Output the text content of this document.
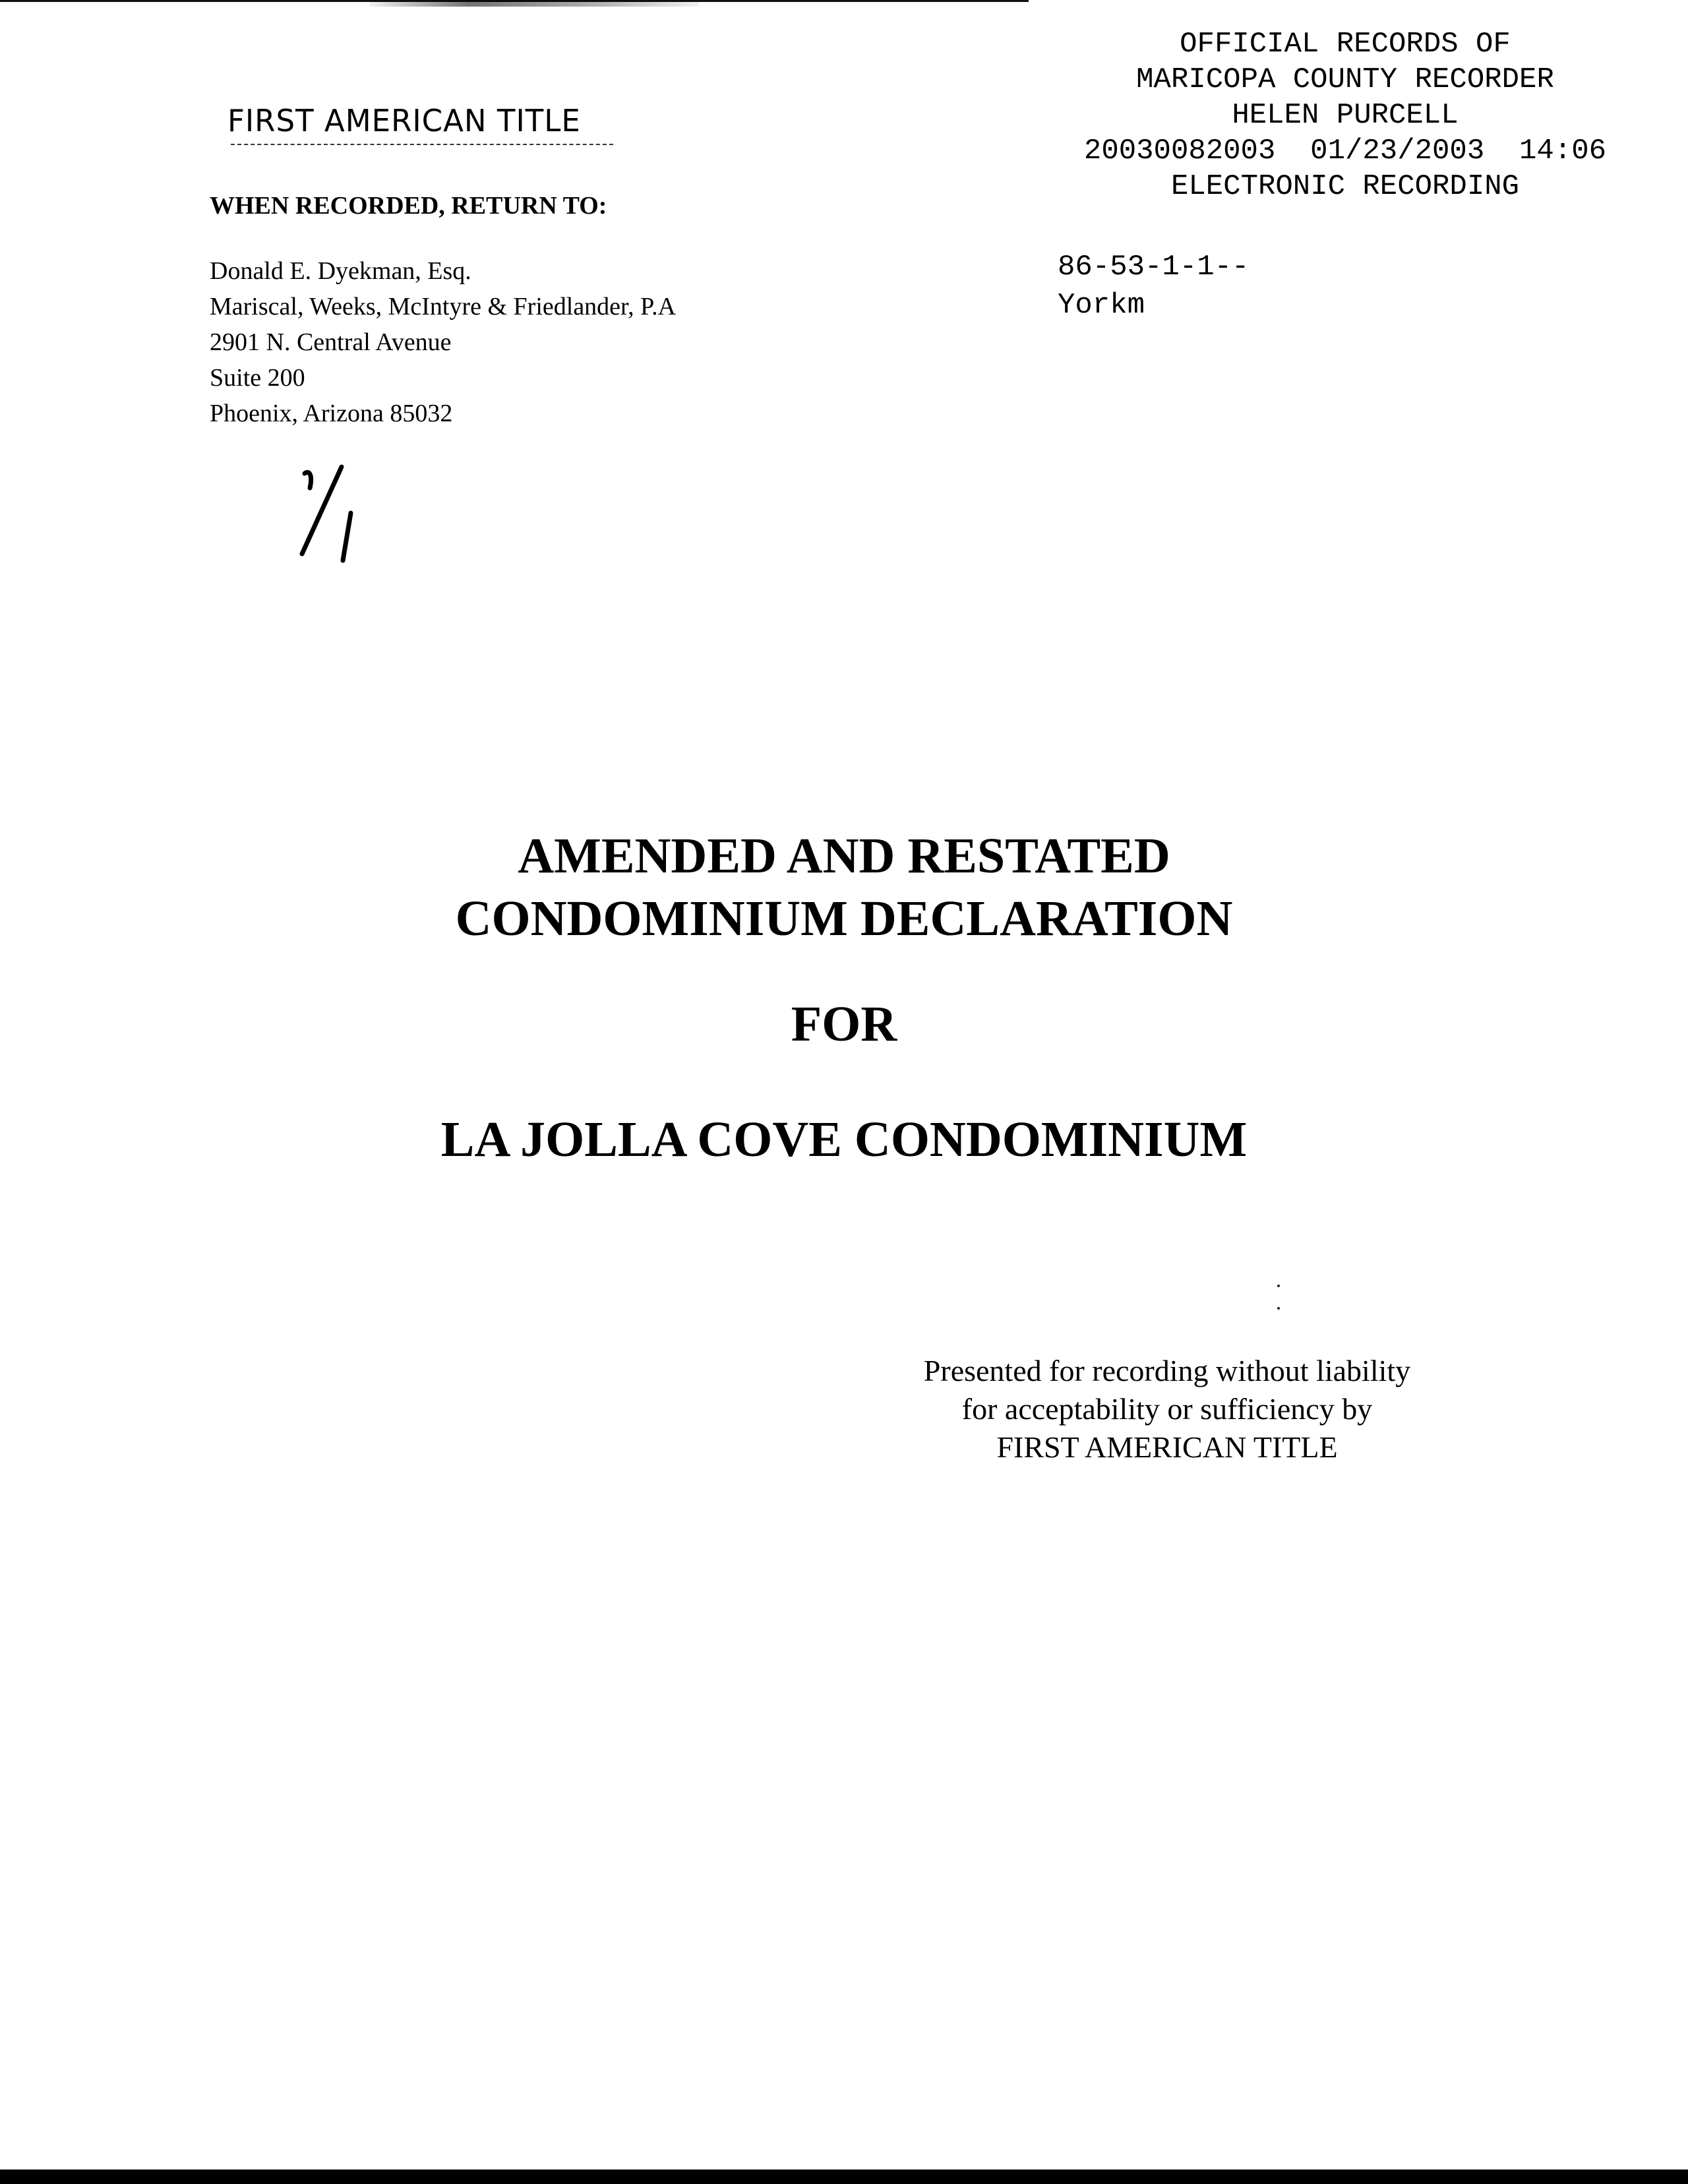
FIRST AMERICAN TITLE
WHEN RECORDED, RETURN TO:
Donald E. Dyekman, Esq.
Mariscal, Weeks, McIntyre & Friedlander, P.A
2901 N. Central Avenue
Suite 200
Phoenix, Arizona 85032
OFFICIAL RECORDS OF
MARICOPA COUNTY RECORDER
HELEN PURCELL
20030082003  01/23/2003  14:06
ELECTRONIC RECORDING
86-53-1-1--
Yorkm
AMENDED AND RESTATED
CONDOMINIUM DECLARATION
FOR
LA JOLLA COVE CONDOMINIUM
Presented for recording without liability
for acceptability or sufficiency by
FIRST AMERICAN TITLE
